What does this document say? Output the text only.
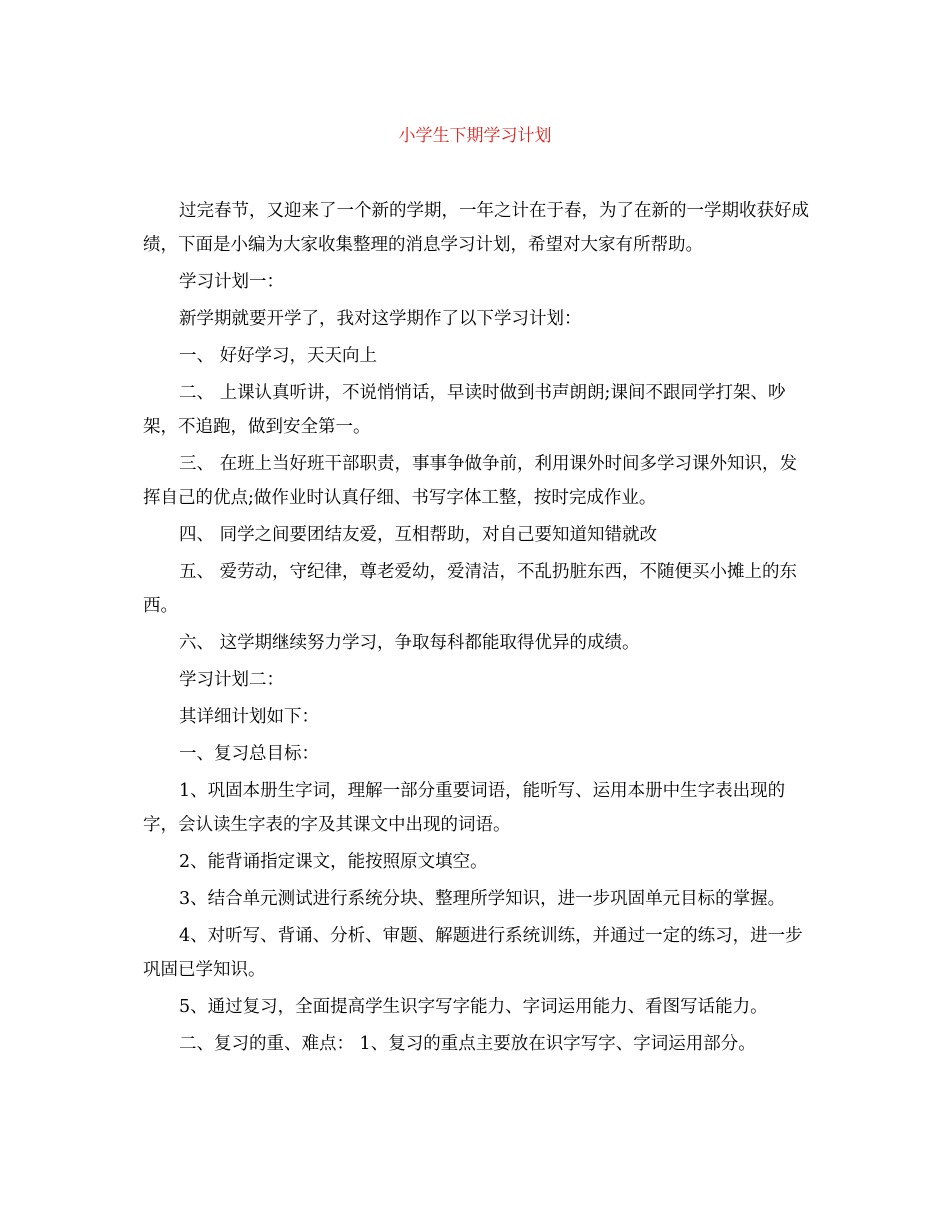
小学生下期学习计划

过完春节，又迎来了一个新的学期，一年之计在于春，为了在新的一学期收获好成绩，下面是小编为大家收集整理的消息学习计划，希望对大家有所帮助。

学习计划一：

新学期就要开学了，我对这学期作了以下学习计划：

一、 好好学习，天天向上

二、 上课认真听讲，不说悄悄话，早读时做到书声朗朗;课间不跟同学打架、吵架，不追跑，做到安全第一。

三、 在班上当好班干部职责，事事争做争前，利用课外时间多学习课外知识，发挥自己的优点;做作业时认真仔细、书写字体工整，按时完成作业。

四、 同学之间要团结友爱，互相帮助，对自己要知道知错就改

五、 爱劳动，守纪律，尊老爱幼，爱清洁，不乱扔脏东西，不随便买小摊上的东西。

六、 这学期继续努力学习，争取每科都能取得优异的成绩。

学习计划二：

其详细计划如下：

一、复习总目标：

1、巩固本册生字词，理解一部分重要词语，能听写、运用本册中生字表出现的字，会认读生字表的字及其课文中出现的词语。

2、能背诵指定课文，能按照原文填空。

3、结合单元测试进行系统分块、整理所学知识，进一步巩固单元目标的掌握。

4、对听写、背诵、分析、审题、解题进行系统训练，并通过一定的练习，进一步巩固已学知识。

5、通过复习，全面提高学生识字写字能力、字词运用能力、看图写话能力。

二、复习的重、难点： 1、复习的重点主要放在识字写字、字词运用部分。
